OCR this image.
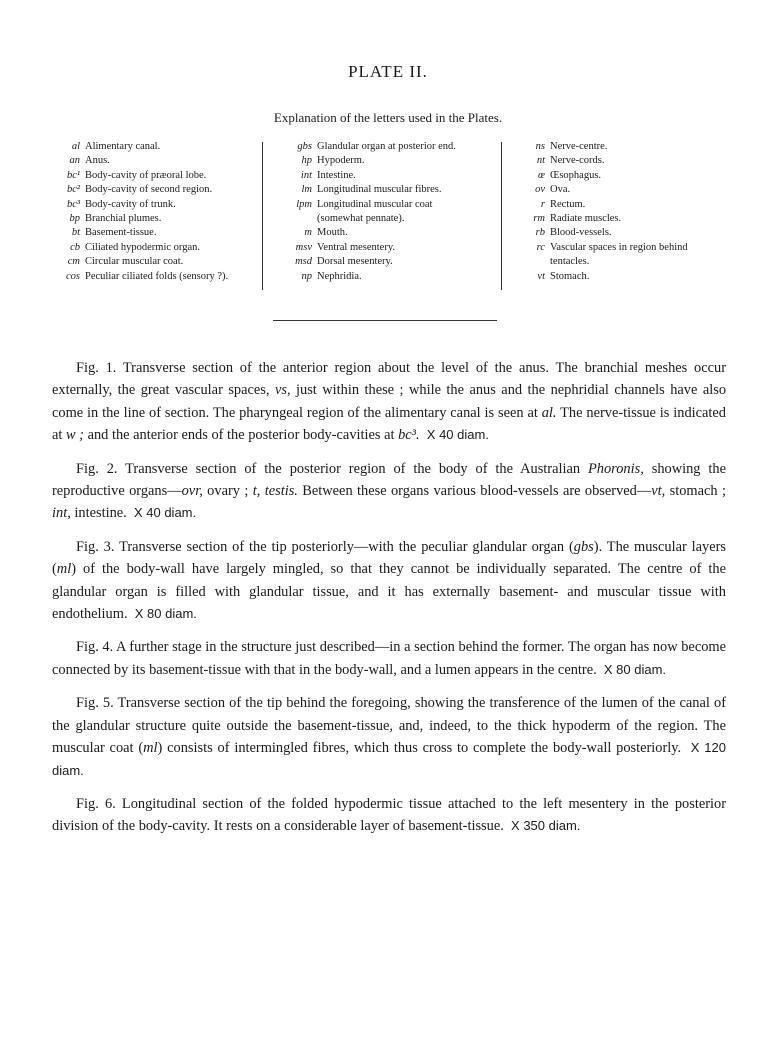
PLATE II.
Explanation of the letters used in the Plates.
al Alimentary canal.
an Anus.
bc¹ Body-cavity of præoral lobe.
bc² Body-cavity of second region.
bc³ Body-cavity of trunk.
bp Branchial plumes.
bt Basement-tissue.
cb Ciliated hypodermic organ.
cm Circular muscular coat.
cos Peculiar ciliated folds (sensory ?).
gbs Glandular organ at posterior end.
hp Hypoderm.
int Intestine.
lm Longitudinal muscular fibres.
lpm Longitudinal muscular coat
(somewhat pennate).
m Mouth.
msv Ventral mesentery.
msd Dorsal mesentery.
np Nephridia.
ns Nerve-centre.
nt Nerve-cords.
œ Œsophagus.
ov Ova.
r Rectum.
rm Radiate muscles.
rb Blood-vessels.
rc Vascular spaces in region behind
tentacles.
vt Stomach.

Fig. 1. Transverse section of the anterior region about the level of the anus. The branchial meshes occur externally, the great vascular spaces, vs, just within these ; while the anus and the nephridial channels have also come in the line of section. The pharyngeal region of the alimentary canal is seen at al. The nerve-tissue is indicated at w ; and the anterior ends of the posterior body-cavities at bc³. X 40 diam.

Fig. 2. Transverse section of the posterior region of the body of the Australian Phoronis, showing the reproductive organs—ovr, ovary ; t, testis. Between these organs various blood-vessels are observed—vt, stomach ; int, intestine. X 40 diam.

Fig. 3. Transverse section of the tip posteriorly—with the peculiar glandular organ (gbs). The muscular layers (ml) of the body-wall have largely mingled, so that they cannot be individually separated. The centre of the glandular organ is filled with glandular tissue, and it has externally basement- and muscular tissue with endothelium. X 80 diam.

Fig. 4. A further stage in the structure just described—in a section behind the former. The organ has now become connected by its basement-tissue with that in the body-wall, and a lumen appears in the centre. X 80 diam.

Fig. 5. Transverse section of the tip behind the foregoing, showing the transference of the lumen of the canal of the glandular structure quite outside the basement-tissue, and, indeed, to the thick hypoderm of the region. The muscular coat (ml) consists of intermingled fibres, which thus cross to complete the body-wall posteriorly. X 120 diam.

Fig. 6. Longitudinal section of the folded hypodermic tissue attached to the left mesentery in the posterior division of the body-cavity. It rests on a considerable layer of basement-tissue. X 350 diam.
